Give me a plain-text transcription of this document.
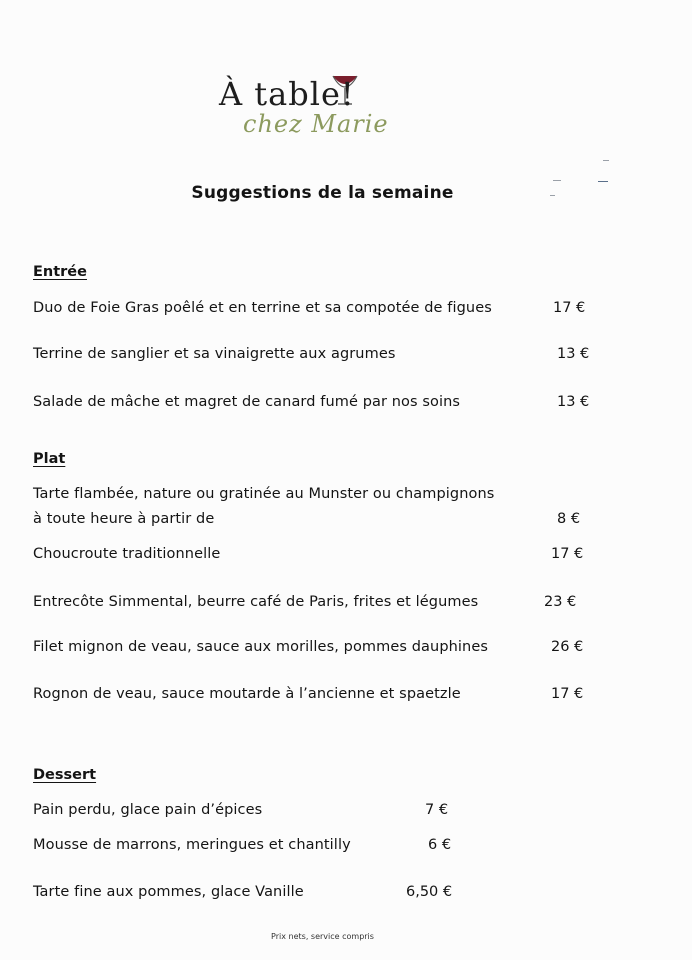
À table!
chez Marie
Suggestions de la semaine
Entrée
Duo de Foie Gras poêlé et en terrine et sa compotée de figues	17 €
Terrine de sanglier et sa vinaigrette aux agrumes	13 €
Salade de mâche et magret de canard fumé par nos soins	13 €
Plat
Tarte flambée, nature ou gratinée au Munster ou champignons
à toute heure à partir de	8 €
Choucroute traditionnelle	17 €
Entrecôte Simmental, beurre café de Paris, frites et légumes	23 €
Filet mignon de veau, sauce aux morilles, pommes dauphines	26 €
Rognon de veau, sauce moutarde à l’ancienne et spaetzle	17 €
Dessert
Pain perdu, glace pain d’épices	7 €
Mousse de marrons, meringues et chantilly	6 €
Tarte fine aux pommes, glace Vanille	6,50 €
Prix nets, service compris
